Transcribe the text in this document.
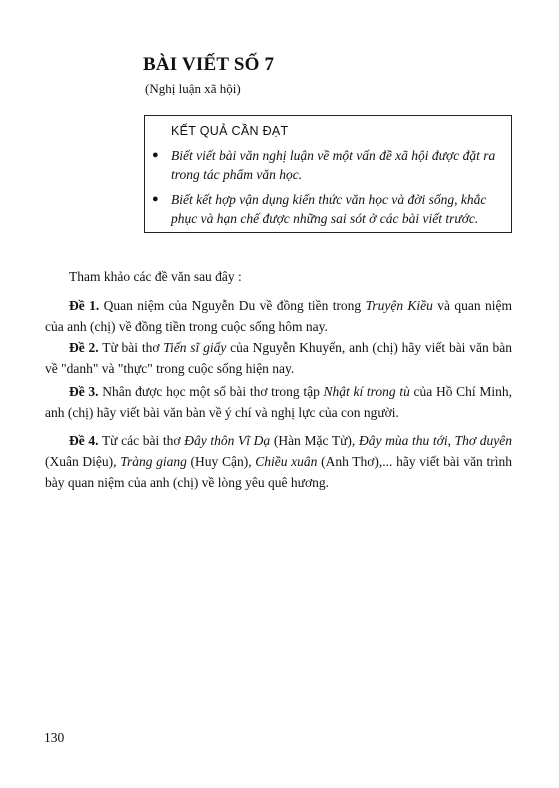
BÀI VIẾT SỐ 7
(Nghị luận xã hội)
KẾT QUẢ CẦN ĐẠT
● Biết viết bài văn nghị luận về một vấn đề xã hội được đặt ra trong tác phẩm văn học.
● Biết kết hợp vận dụng kiến thức văn học và đời sống, khắc phục và hạn chế được những sai sót ở các bài viết trước.
Tham khảo các đề văn sau đây :
Đề 1. Quan niệm của Nguyễn Du về đồng tiền trong Truyện Kiều và quan niệm của anh (chị) về đồng tiền trong cuộc sống hôm nay.
Đề 2. Từ bài thơ Tiến sĩ giấy của Nguyễn Khuyến, anh (chị) hãy viết bài văn bàn về "danh" và "thực" trong cuộc sống hiện nay.
Đề 3. Nhân được học một số bài thơ trong tập Nhật kí trong tù của Hồ Chí Minh, anh (chị) hãy viết bài văn bàn về ý chí và nghị lực của con người.
Đề 4. Từ các bài thơ Đây thôn Vĩ Dạ (Hàn Mặc Tử), Đây mùa thu tới, Thơ duyên (Xuân Diệu), Tràng giang (Huy Cận), Chiều xuân (Anh Thơ),... hãy viết bài văn trình bày quan niệm của anh (chị) về lòng yêu quê hương.
130
